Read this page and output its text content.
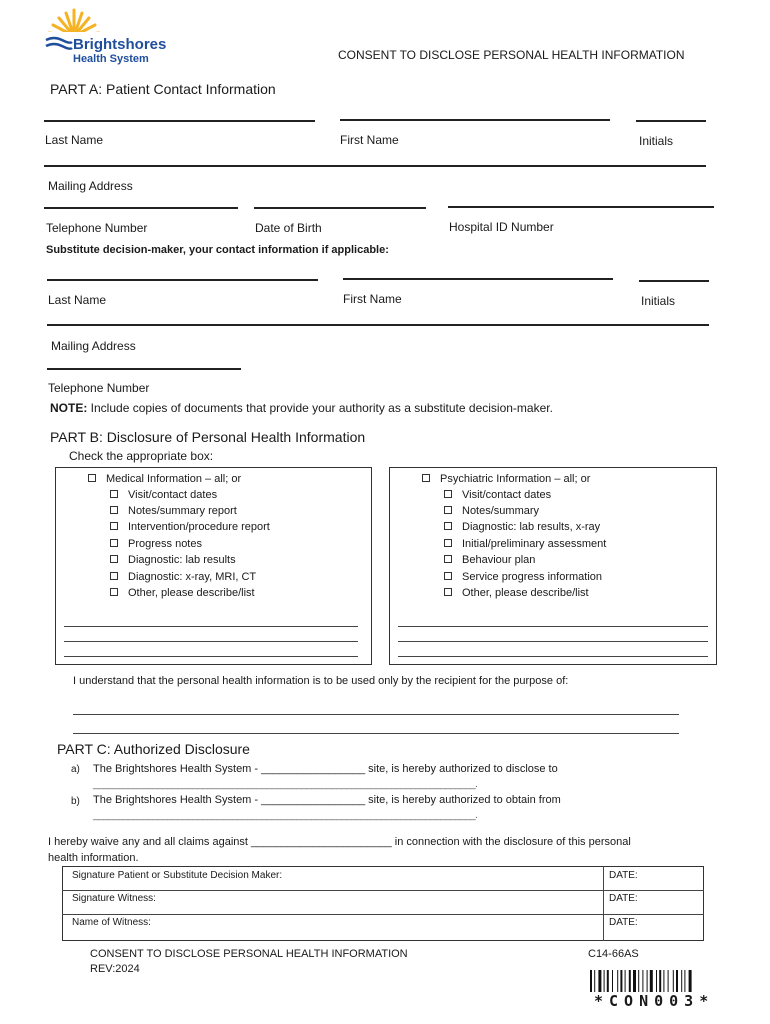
Brightshores
Health System	CONSENT TO DISCLOSE PERSONAL HEALTH INFORMATION
PART A: Patient Contact Information
Last Name	First Name	Initials
Mailing Address
Telephone Number	Date of Birth	Hospital ID Number
Substitute decision-maker, your contact information if applicable:
Last Name	First Name	Initials
Mailing Address
Telephone Number
NOTE: Include copies of documents that provide your authority as a substitute decision-maker.
PART B: Disclosure of Personal Health Information
Check the appropriate box:
Medical Information – all; or
Visit/contact dates
Notes/summary report
Intervention/procedure report
Progress notes
Diagnostic: lab results
Diagnostic: x-ray, MRI, CT
Other, please describe/list
Psychiatric Information – all; or
Visit/contact dates
Notes/summary
Diagnostic: lab results, x-ray
Initial/preliminary assessment
Behaviour plan
Service progress information
Other, please describe/list
I understand that the personal health information is to be used only by the recipient for the purpose of:
PART C: Authorized Disclosure
a) The Brightshores Health System - _________________ site, is hereby authorized to disclose to
_____________________________________________________________________________.
b) The Brightshores Health System - _________________ site, is hereby authorized to obtain from
_____________________________________________________________________________.
I hereby waive any and all claims against _______________________ in connection with the disclosure of this personal
health information.
Signature Patient or Substitute Decision Maker:	DATE:
Signature Witness:	DATE:
Name of Witness:	DATE:
CONSENT TO DISCLOSE PERSONAL HEALTH INFORMATION
REV:2024
C14-66AS
*CON003*
